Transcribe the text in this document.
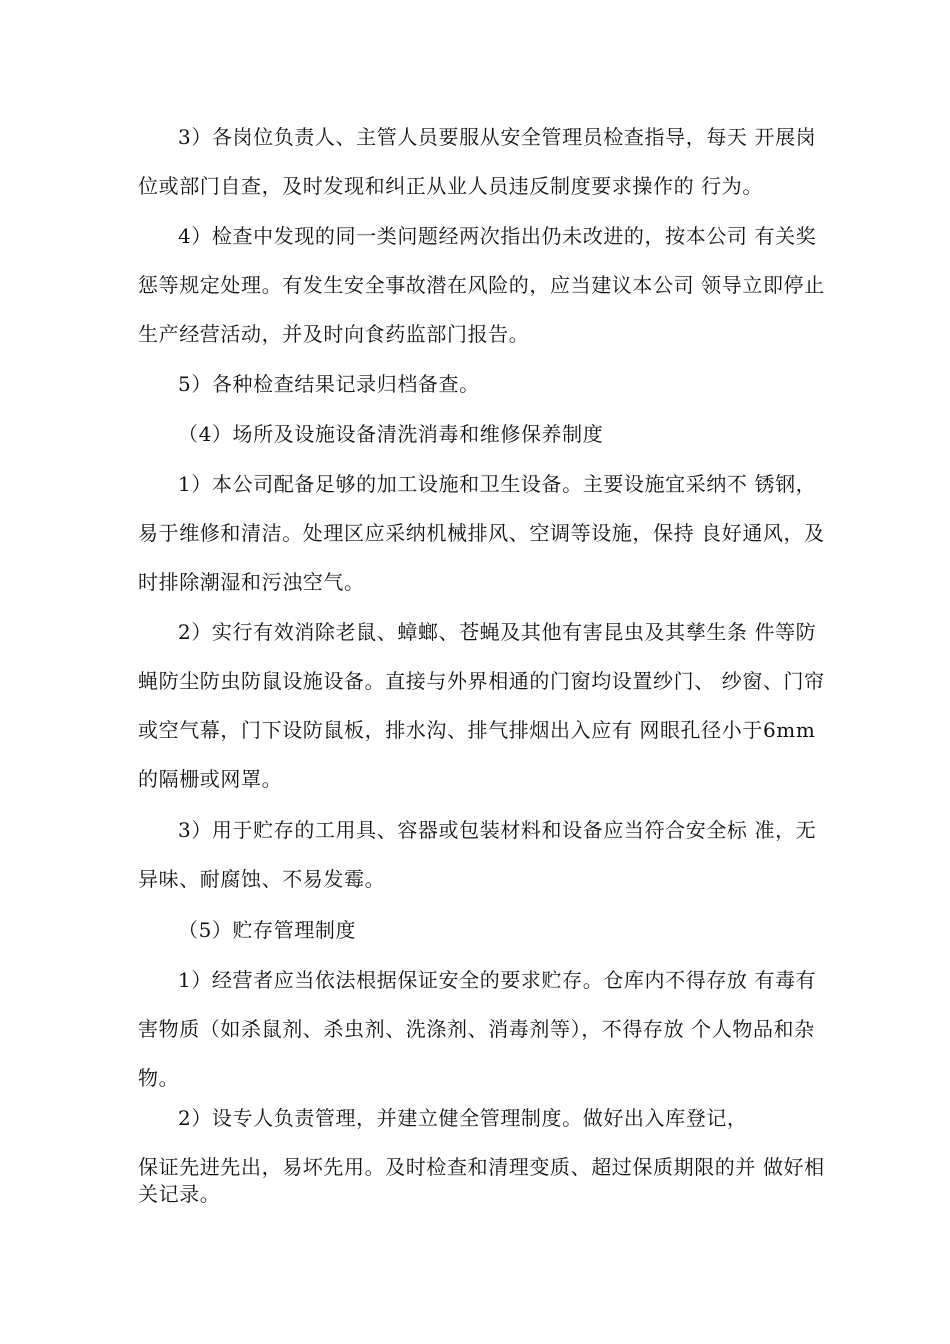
3）各岗位负责人、主管人员要服从安全管理员检查指导，每天 开展岗位或部门自查，及时发现和纠正从业人员违反制度要求操作的 行为。

4）检查中发现的同一类问题经两次指出仍未改进的，按本公司 有关奖惩等规定处理。有发生安全事故潜在风险的，应当建议本公司 领导立即停止生产经营活动，并及时向食药监部门报告。

5）各种检查结果记录归档备查。

（4）场所及设施设备清洗消毒和维修保养制度

1）本公司配备足够的加工设施和卫生设备。主要设施宜采纳不 锈钢，易于维修和清洁。处理区应采纳机械排风、空调等设施，保持 良好通风，及时排除潮湿和污浊空气。

2）实行有效消除老鼠、蟑螂、苍蝇及其他有害昆虫及其孳生条 件等防蝇防尘防虫防鼠设施设备。直接与外界相通的门窗均设置纱门、 纱窗、门帘或空气幕，门下设防鼠板，排水沟、排气排烟出入应有 网眼孔径小于6mm的隔栅或网罩。

3）用于贮存的工用具、容器或包装材料和设备应当符合安全标 准，无异味、耐腐蚀、不易发霉。

（5）贮存管理制度

1）经营者应当依法根据保证安全的要求贮存。仓库内不得存放 有毒有害物质（如杀鼠剂、杀虫剂、洗涤剂、消毒剂等），不得存放 个人物品和杂物。

2）设专人负责管理，并建立健全管理制度。做好出入库登记，

保证先进先出，易坏先用。及时检查和清理变质、超过保质期限的并 做好相关记录。
